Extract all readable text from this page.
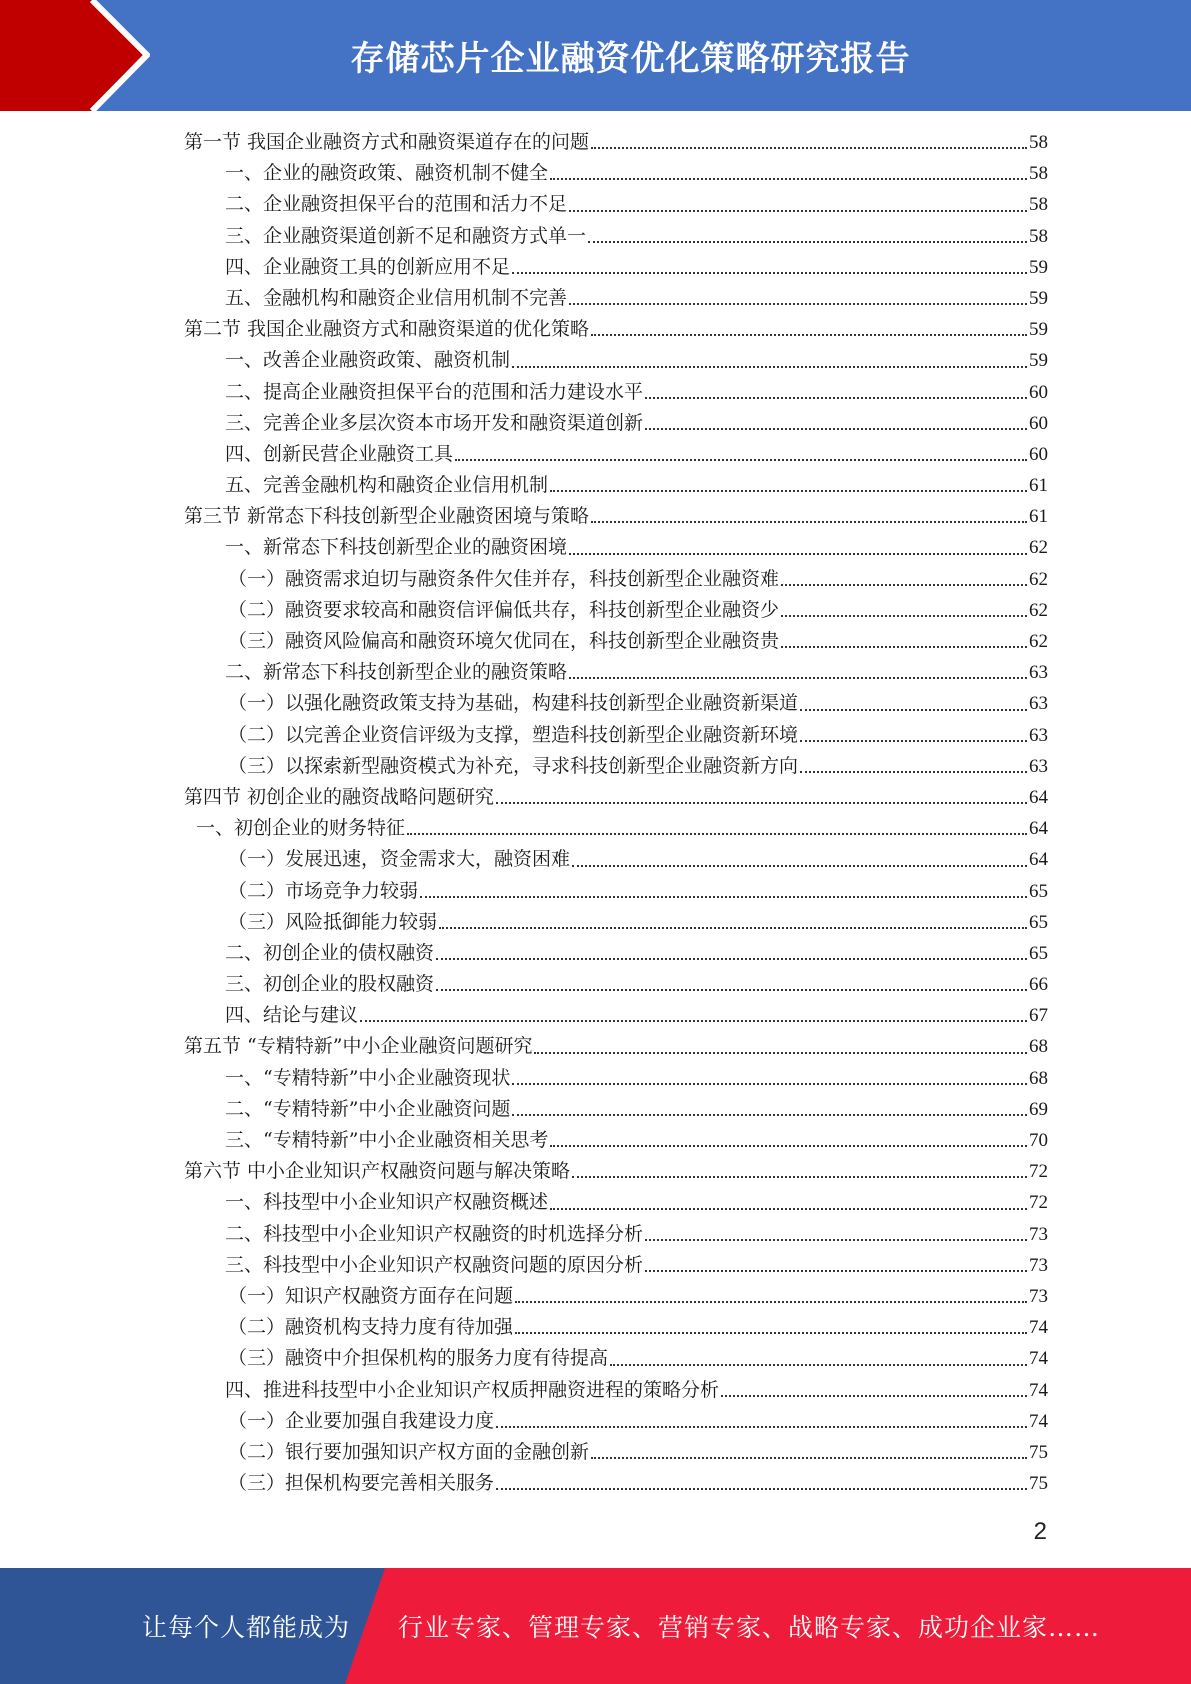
存储芯片企业融资优化策略研究报告
第一节 我国企业融资方式和融资渠道存在的问题	58
一、企业的融资政策、融资机制不健全	58
二、企业融资担保平台的范围和活力不足	58
三、企业融资渠道创新不足和融资方式单一	58
四、企业融资工具的创新应用不足	59
五、金融机构和融资企业信用机制不完善	59
第二节 我国企业融资方式和融资渠道的优化策略	59
一、改善企业融资政策、融资机制	59
二、提高企业融资担保平台的范围和活力建设水平	60
三、完善企业多层次资本市场开发和融资渠道创新	60
四、创新民营企业融资工具	60
五、完善金融机构和融资企业信用机制	61
第三节 新常态下科技创新型企业融资困境与策略	61
一、新常态下科技创新型企业的融资困境	62
（一）融资需求迫切与融资条件欠佳并存，科技创新型企业融资难	62
（二）融资要求较高和融资信评偏低共存，科技创新型企业融资少	62
（三）融资风险偏高和融资环境欠优同在，科技创新型企业融资贵	62
二、新常态下科技创新型企业的融资策略	63
（一）以强化融资政策支持为基础，构建科技创新型企业融资新渠道	63
（二）以完善企业资信评级为支撑，塑造科技创新型企业融资新环境	63
（三）以探索新型融资模式为补充，寻求科技创新型企业融资新方向	63
第四节 初创企业的融资战略问题研究	64
一、初创企业的财务特征	64
（一）发展迅速，资金需求大，融资困难	64
（二）市场竞争力较弱	65
（三）风险抵御能力较弱	65
二、初创企业的债权融资	65
三、初创企业的股权融资	66
四、结论与建议	67
第五节 “专精特新”中小企业融资问题研究	68
一、“专精特新”中小企业融资现状	68
二、“专精特新”中小企业融资问题	69
三、“专精特新”中小企业融资相关思考	70
第六节 中小企业知识产权融资问题与解决策略	72
一、科技型中小企业知识产权融资概述	72
二、科技型中小企业知识产权融资的时机选择分析	73
三、科技型中小企业知识产权融资问题的原因分析	73
（一）知识产权融资方面存在问题	73
（二）融资机构支持力度有待加强	74
（三）融资中介担保机构的服务力度有待提高	74
四、推进科技型中小企业知识产权质押融资进程的策略分析	74
（一）企业要加强自我建设力度	74
（二）银行要加强知识产权方面的金融创新	75
（三）担保机构要完善相关服务	75
2
让每个人都能成为 行业专家、管理专家、营销专家、战略专家、成功企业家……
